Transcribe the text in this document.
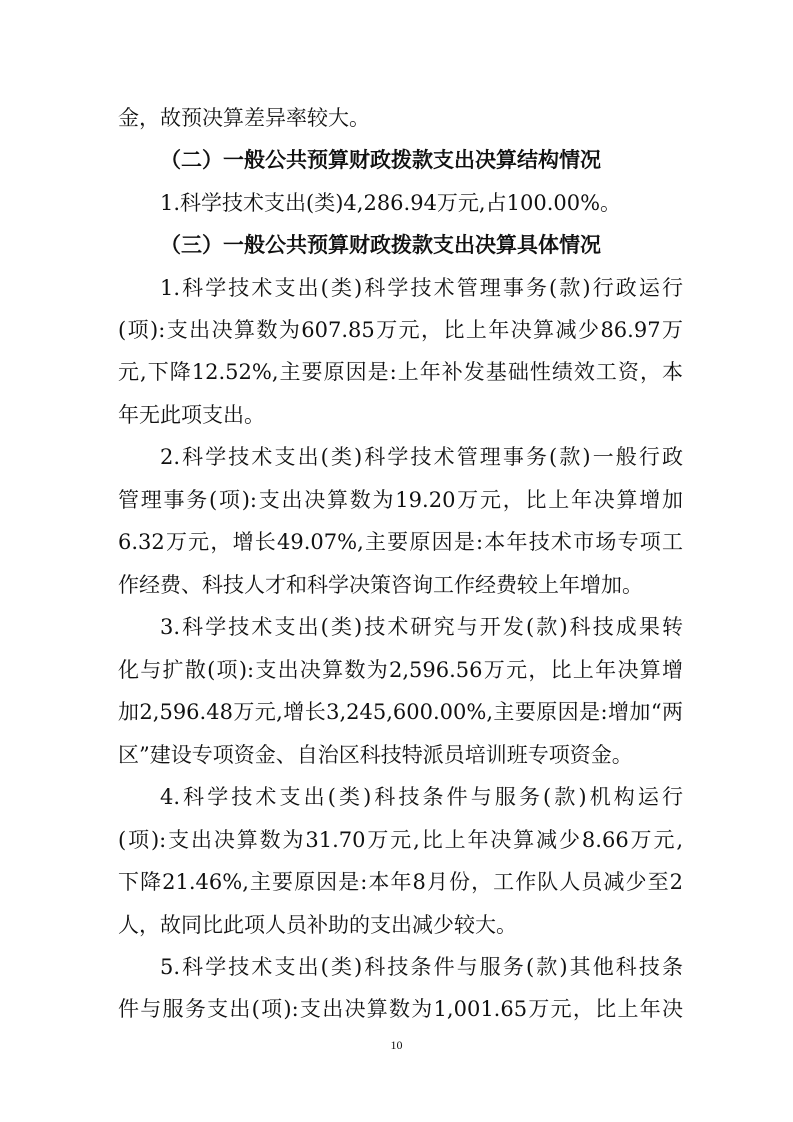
金，故预决算差异率较大。
（二）一般公共预算财政拨款支出决算结构情况
1.科学技术支出(类)4,286.94万元,占100.00%。
（三）一般公共预算财政拨款支出决算具体情况
1.科学技术支出(类)科学技术管理事务(款)行政运行
(项):支出决算数为607.85万元，比上年决算减少86.97万
元,下降12.52%,主要原因是:上年补发基础性绩效工资，本
年无此项支出。
2.科学技术支出(类)科学技术管理事务(款)一般行政
管理事务(项):支出决算数为19.20万元，比上年决算增加
6.32万元，增长49.07%,主要原因是:本年技术市场专项工
作经费、科技人才和科学决策咨询工作经费较上年增加。
3.科学技术支出(类)技术研究与开发(款)科技成果转
化与扩散(项):支出决算数为2,596.56万元，比上年决算增
加2,596.48万元,增长3,245,600.00%,主要原因是:增加“两
区”建设专项资金、自治区科技特派员培训班专项资金。
4.科学技术支出(类)科技条件与服务(款)机构运行
(项):支出决算数为31.70万元,比上年决算减少8.66万元,
下降21.46%,主要原因是:本年8月份，工作队人员减少至2
人，故同比此项人员补助的支出减少较大。
5.科学技术支出(类)科技条件与服务(款)其他科技条
件与服务支出(项):支出决算数为1,001.65万元，比上年决
10
